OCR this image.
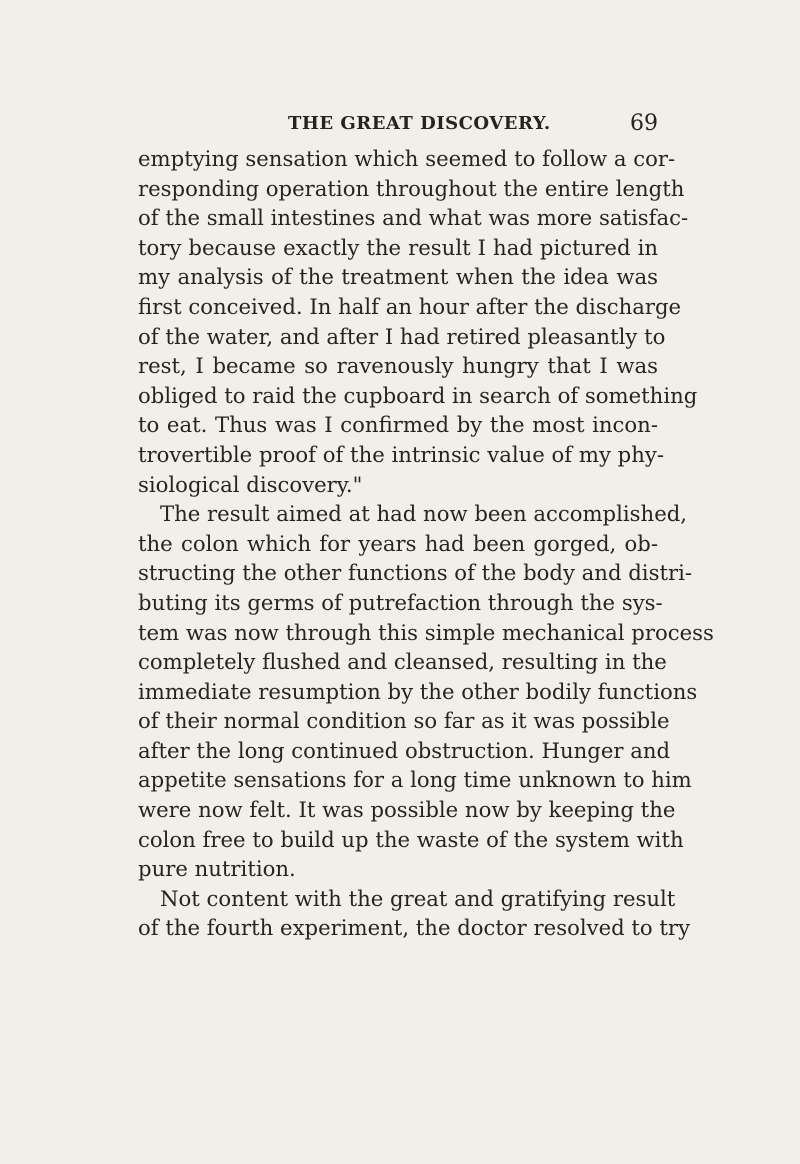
THE GREAT DISCOVERY.	69
emptying sensation which seemed to follow a cor-
responding operation throughout the entire length
of the small intestines and what was more satisfac-
tory because exactly the result I had pictured in
my analysis of the treatment when the idea was
first conceived. In half an hour after the discharge
of the water, and after I had retired pleasantly to
rest, I became so ravenously hungry that I was
obliged to raid the cupboard in search of something
to eat. Thus was I confirmed by the most incon-
trovertible proof of the intrinsic value of my phy-
siological discovery."
The result aimed at had now been accomplished,
the colon which for years had been gorged, ob-
structing the other functions of the body and distri-
buting its germs of putrefaction through the sys-
tem was now through this simple mechanical process
completely flushed and cleansed, resulting in the
immediate resumption by the other bodily functions
of their normal condition so far as it was possible
after the long continued obstruction. Hunger and
appetite sensations for a long time unknown to him
were now felt. It was possible now by keeping the
colon free to build up the waste of the system with
pure nutrition.
Not content with the great and gratifying result
of the fourth experiment, the doctor resolved to try
